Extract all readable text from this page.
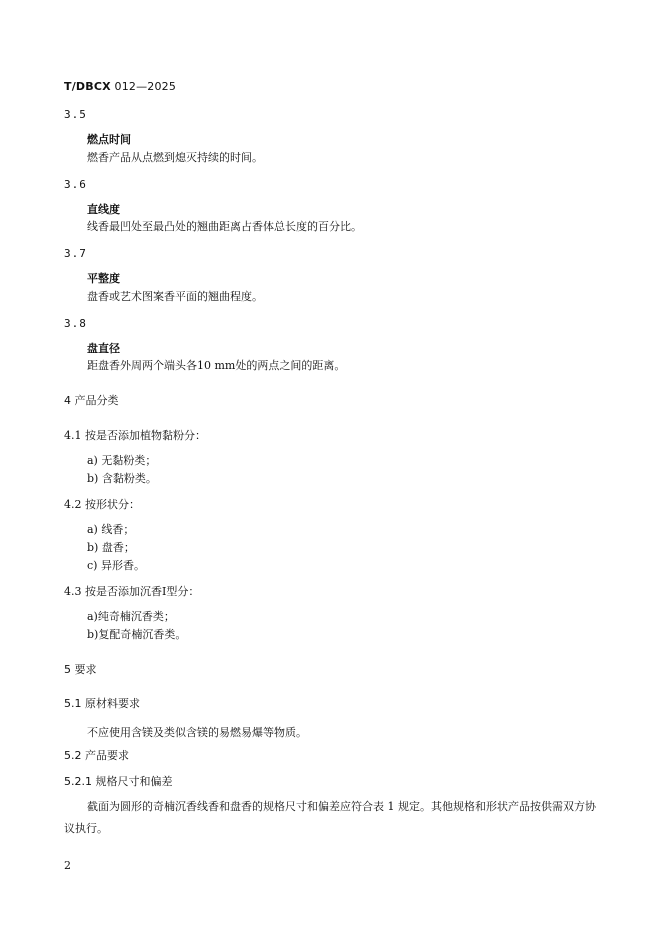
T/DBCX 012—2025
3.5
燃点时间
燃香产品从点燃到熄灭持续的时间。
3.6
直线度
线香最凹处至最凸处的翘曲距离占香体总长度的百分比。
3.7
平整度
盘香或艺术图案香平面的翘曲程度。
3.8
盘直径
距盘香外周两个端头各10 mm处的两点之间的距离。
4 产品分类
4.1 按是否添加植物黏粉分：
a) 无黏粉类；
b) 含黏粉类。
4.2 按形状分：
a) 线香；
b) 盘香；
c) 异形香。
4.3 按是否添加沉香Ⅰ型分：
a)纯奇楠沉香类；
b)复配奇楠沉香类。
5 要求
5.1 原材料要求
不应使用含镁及类似含镁的易燃易爆等物质。
5.2 产品要求
5.2.1 规格尺寸和偏差
截面为圆形的奇楠沉香线香和盘香的规格尺寸和偏差应符合表 1 规定。其他规格和形状产品按供需双方协议执行。
2
